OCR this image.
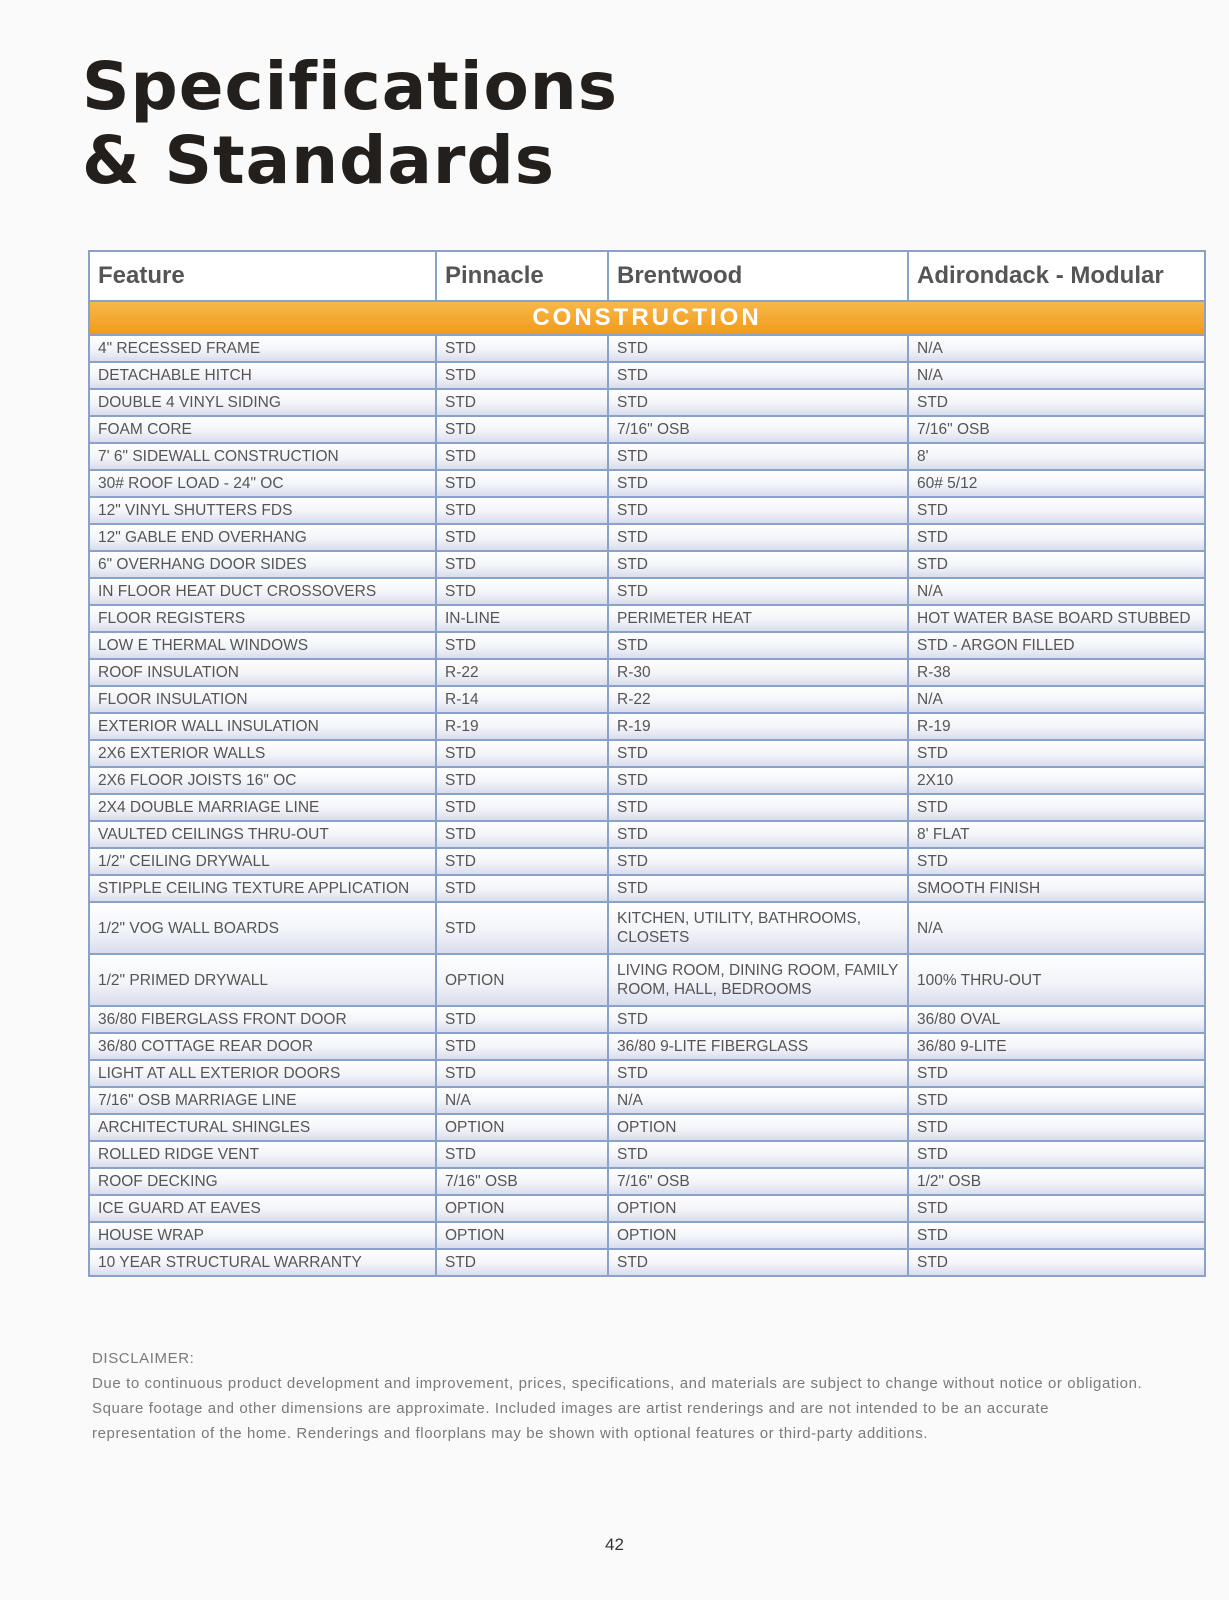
Specifications
& Standards
Feature	Pinnacle	Brentwood	Adirondack - Modular
CONSTRUCTION			
4" RECESSED FRAME	STD	STD	N/A
DETACHABLE HITCH	STD	STD	N/A
DOUBLE 4 VINYL SIDING	STD	STD	STD
FOAM CORE	STD	7/16" OSB	7/16" OSB
7' 6" SIDEWALL CONSTRUCTION	STD	STD	8'
30# ROOF LOAD - 24" OC	STD	STD	60# 5/12
12" VINYL SHUTTERS FDS	STD	STD	STD
12" GABLE END OVERHANG	STD	STD	STD
6" OVERHANG DOOR SIDES	STD	STD	STD
IN FLOOR HEAT DUCT CROSSOVERS	STD	STD	N/A
FLOOR REGISTERS	IN-LINE	PERIMETER HEAT	HOT WATER BASE BOARD STUBBED
LOW E THERMAL WINDOWS	STD	STD	STD - ARGON FILLED
ROOF INSULATION	R-22	R-30	R-38
FLOOR INSULATION	R-14	R-22	N/A
EXTERIOR WALL INSULATION	R-19	R-19	R-19
2X6 EXTERIOR WALLS	STD	STD	STD
2X6 FLOOR JOISTS 16" OC	STD	STD	2X10
2X4 DOUBLE MARRIAGE LINE	STD	STD	STD
VAULTED CEILINGS THRU-OUT	STD	STD	8' FLAT
1/2" CEILING DRYWALL	STD	STD	STD
STIPPLE CEILING TEXTURE APPLICATION	STD	STD	SMOOTH FINISH
1/2" VOG WALL BOARDS	STD	KITCHEN, UTILITY, BATHROOMS, CLOSETS	N/A
1/2" PRIMED DRYWALL	OPTION	LIVING ROOM, DINING ROOM, FAMILY ROOM, HALL, BEDROOMS	100% THRU-OUT
36/80 FIBERGLASS FRONT DOOR	STD	STD	36/80 OVAL
36/80 COTTAGE REAR DOOR	STD	36/80 9-LITE FIBERGLASS	36/80 9-LITE
LIGHT AT ALL EXTERIOR DOORS	STD	STD	STD
7/16" OSB MARRIAGE LINE	N/A	N/A	STD
ARCHITECTURAL SHINGLES	OPTION	OPTION	STD
ROLLED RIDGE VENT	STD	STD	STD
ROOF DECKING	7/16" OSB	7/16" OSB	1/2" OSB
ICE GUARD AT EAVES	OPTION	OPTION	STD
HOUSE WRAP	OPTION	OPTION	STD
10 YEAR STRUCTURAL WARRANTY	STD	STD	STD
DISCLAIMER:
Due to continuous product development and improvement, prices, specifications, and materials are subject to change without notice or obligation. Square footage and other dimensions are approximate. Included images are artist renderings and are not intended to be an accurate representation of the home. Renderings and floorplans may be shown with optional features or third-party additions.
42
